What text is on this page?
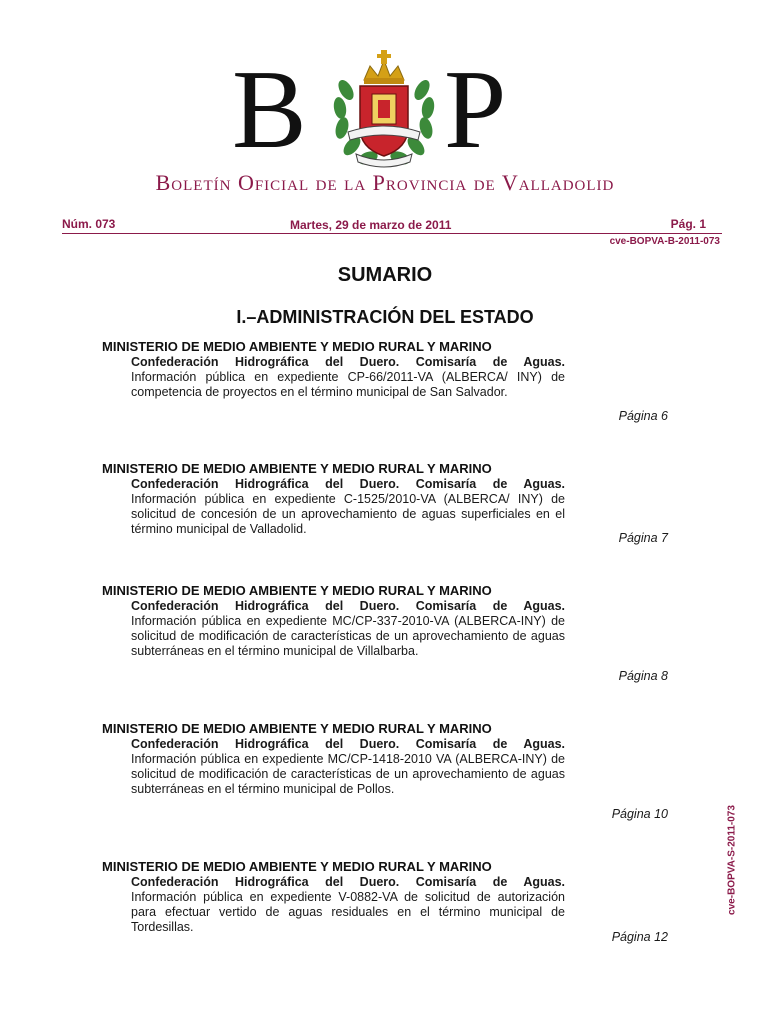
B P
Boletín Oficial de la Provincia de Valladolid
Núm. 073	Martes, 29 de marzo de 2011	Pág. 1
cve-BOPVA-B-2011-073
SUMARIO
I.–ADMINISTRACIÓN DEL ESTADO
MINISTERIO DE MEDIO AMBIENTE Y MEDIO RURAL Y MARINO
Confederación Hidrográfica del Duero. Comisaría de Aguas.
Información pública en expediente CP-66/2011-VA (ALBERCA/ INY) de competencia de proyectos en el término municipal de San Salvador.
Página 6
MINISTERIO DE MEDIO AMBIENTE Y MEDIO RURAL Y MARINO
Confederación Hidrográfica del Duero. Comisaría de Aguas.
Información pública en expediente C-1525/2010-VA (ALBERCA/ INY) de solicitud de concesión de un aprovechamiento de aguas superficiales en el término municipal de Valladolid.
Página 7
MINISTERIO DE MEDIO AMBIENTE Y MEDIO RURAL Y MARINO
Confederación Hidrográfica del Duero. Comisaría de Aguas.
Información pública en expediente MC/CP-337-2010-VA (ALBERCA-INY) de solicitud de modificación de características de un aprovechamiento de aguas subterráneas en el término municipal de Villalbarba.
Página 8
MINISTERIO DE MEDIO AMBIENTE Y MEDIO RURAL Y MARINO
Confederación Hidrográfica del Duero. Comisaría de Aguas.
Información pública en expediente MC/CP-1418-2010 VA (ALBERCA-INY) de solicitud de modificación de características de un aprovechamiento de aguas subterráneas en el término municipal de Pollos.
Página 10
MINISTERIO DE MEDIO AMBIENTE Y MEDIO RURAL Y MARINO
Confederación Hidrográfica del Duero. Comisaría de Aguas.
Información pública en expediente V-0882-VA de solicitud de autorización para efectuar vertido de aguas residuales en el término municipal de Tordesillas.
Página 12
cve-BOPVA-S-2011-073
